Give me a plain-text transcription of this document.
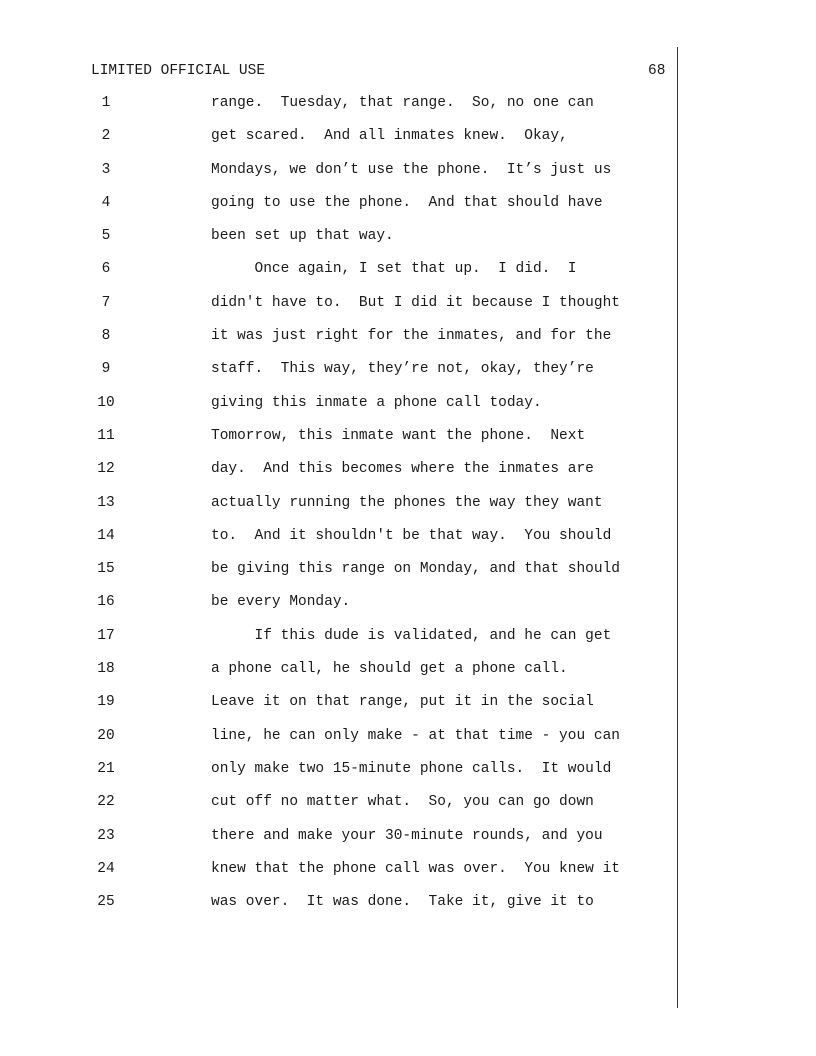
LIMITED OFFICIAL USE	68
1	range.  Tuesday, that range.  So, no one can
2	get scared.  And all inmates knew.  Okay,
3	Mondays, we don’t use the phone.  It’s just us
4	going to use the phone.  And that should have
5	been set up that way.
6	Once again, I set that up.  I did.  I
7	didn't have to.  But I did it because I thought
8	it was just right for the inmates, and for the
9	staff.  This way, they’re not, okay, they’re
10	giving this inmate a phone call today.
11	Tomorrow, this inmate want the phone.  Next
12	day.  And this becomes where the inmates are
13	actually running the phones the way they want
14	to.  And it shouldn't be that way.  You should
15	be giving this range on Monday, and that should
16	be every Monday.
17	If this dude is validated, and he can get
18	a phone call, he should get a phone call.
19	Leave it on that range, put it in the social
20	line, he can only make - at that time - you can
21	only make two 15-minute phone calls.  It would
22	cut off no matter what.  So, you can go down
23	there and make your 30-minute rounds, and you
24	knew that the phone call was over.  You knew it
25	was over.  It was done.  Take it, give it to
